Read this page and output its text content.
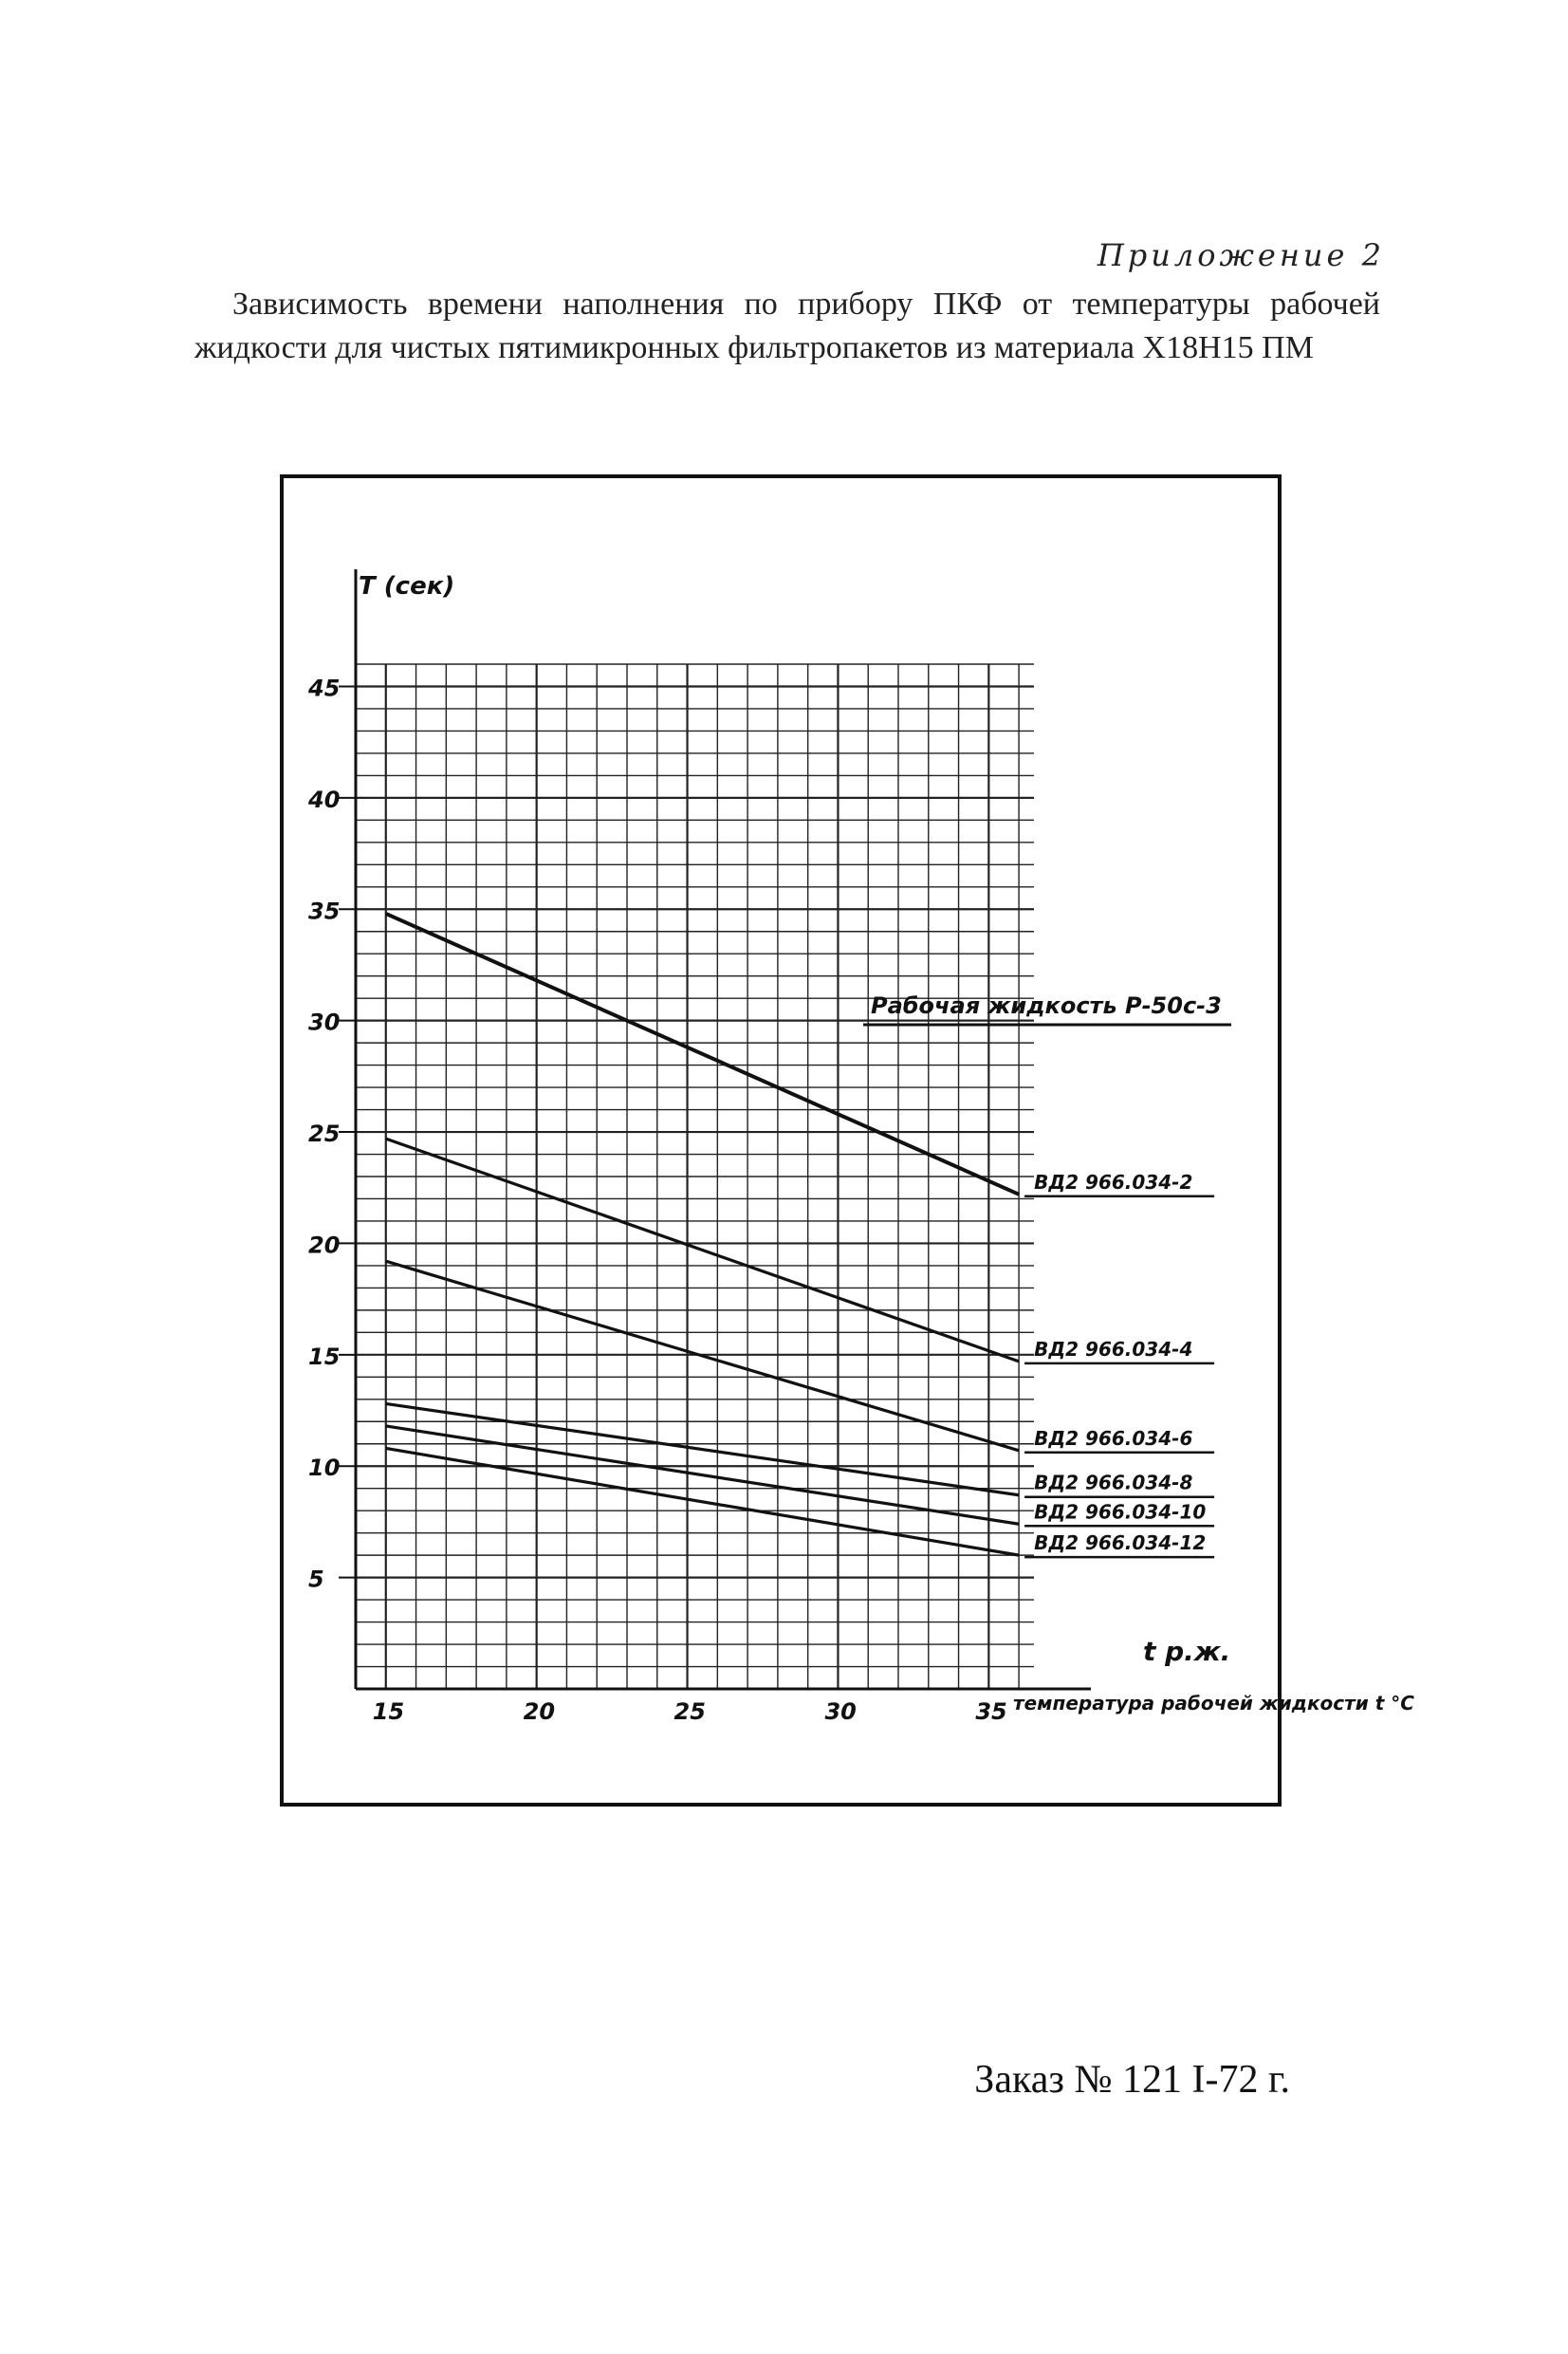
Приложение 2
Зависимость времени наполнения по прибору ПКФ от температуры рабочей жидкости для чистых пятимикронных фильтропакетов из материала Х18Н15 ПМ
5
10
15
20
25
30
35
40
45
15	20	25	30	35
ВД2 966.034-2
ВД2 966.034-4
ВД2 966.034-6
ВД2 966.034-8
ВД2 966.034-10
ВД2 966.034-12
Т (сек)
Рабочая жидкость Р-50с-3
t р.ж.
температура рабочей жидкости t °C
Заказ № 121 I-72 г.
